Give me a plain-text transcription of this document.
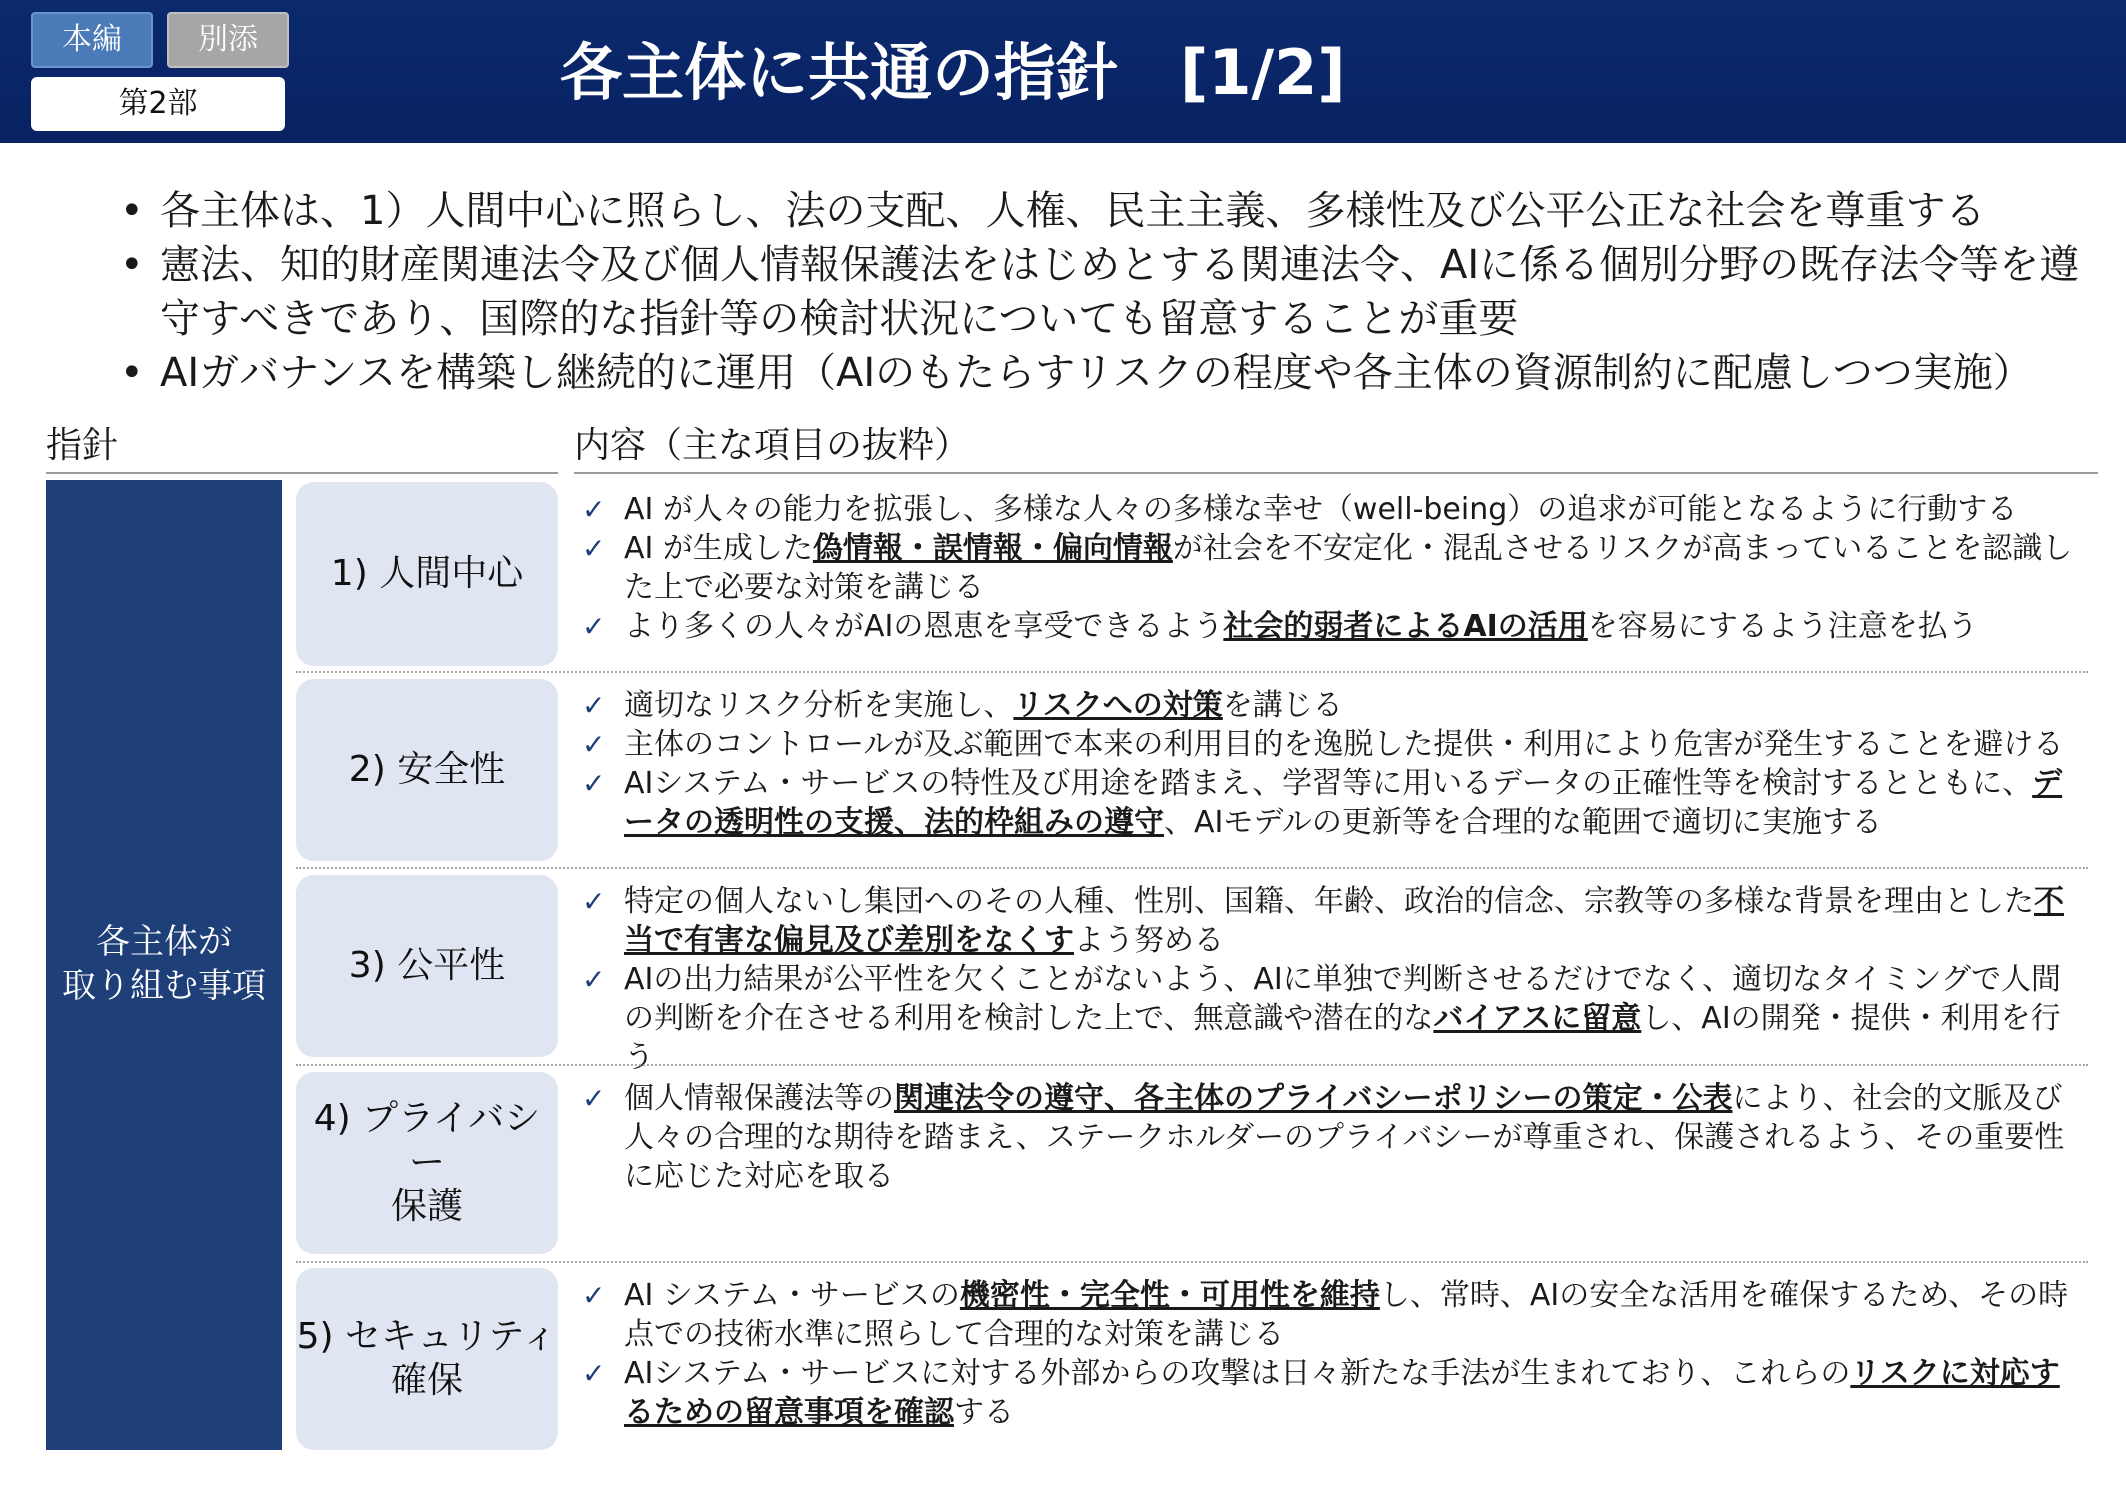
本編	別添
第2部	各主体に共通の指針　[1/2]
• 各主体は、1）人間中心に照らし、法の支配、人権、民主主義、多様性及び公平公正な社会を尊重する
• 憲法、知的財産関連法令及び個人情報保護法をはじめとする関連法令、AIに係る個別分野の既存法令等を遵守すべきであり、国際的な指針等の検討状況についても留意することが重要
• AIガバナンスを構築し継続的に運用（AIのもたらすリスクの程度や各主体の資源制約に配慮しつつ実施）
指針	内容（主な項目の抜粋）
各主体が
取り組む事項
1) 人間中心
✓ AI が人々の能力を拡張し、多様な人々の多様な幸せ（well-being）の追求が可能となるように行動する
✓ AI が生成した偽情報・誤情報・偏向情報が社会を不安定化・混乱させるリスクが高まっていることを認識した上で必要な対策を講じる
✓ より多くの人々がAIの恩恵を享受できるよう社会的弱者によるAIの活用を容易にするよう注意を払う
2) 安全性
✓ 適切なリスク分析を実施し、リスクへの対策を講じる
✓ 主体のコントロールが及ぶ範囲で本来の利用目的を逸脱した提供・利用により危害が発生することを避ける
✓ AIシステム・サービスの特性及び用途を踏まえ、学習等に用いるデータの正確性等を検討するとともに、データの透明性の支援、法的枠組みの遵守、AIモデルの更新等を合理的な範囲で適切に実施する
3) 公平性
✓ 特定の個人ないし集団へのその人種、性別、国籍、年齢、政治的信念、宗教等の多様な背景を理由とした不当で有害な偏見及び差別をなくすよう努める
✓ AIの出力結果が公平性を欠くことがないよう、AIに単独で判断させるだけでなく、適切なタイミングで人間の判断を介在させる利用を検討した上で、無意識や潜在的なバイアスに留意し、AIの開発・提供・利用を行う
4) プライバシー
保護
✓ 個人情報保護法等の関連法令の遵守、各主体のプライバシーポリシーの策定・公表により、社会的文脈及び人々の合理的な期待を踏まえ、ステークホルダーのプライバシーが尊重され、保護されるよう、その重要性に応じた対応を取る
5) セキュリティ
確保
✓ AI システム・サービスの機密性・完全性・可用性を維持し、常時、AIの安全な活用を確保するため、その時点での技術水準に照らして合理的な対策を講じる
✓ AIシステム・サービスに対する外部からの攻撃は日々新たな手法が生まれており、これらのリスクに対応するための留意事項を確認する
